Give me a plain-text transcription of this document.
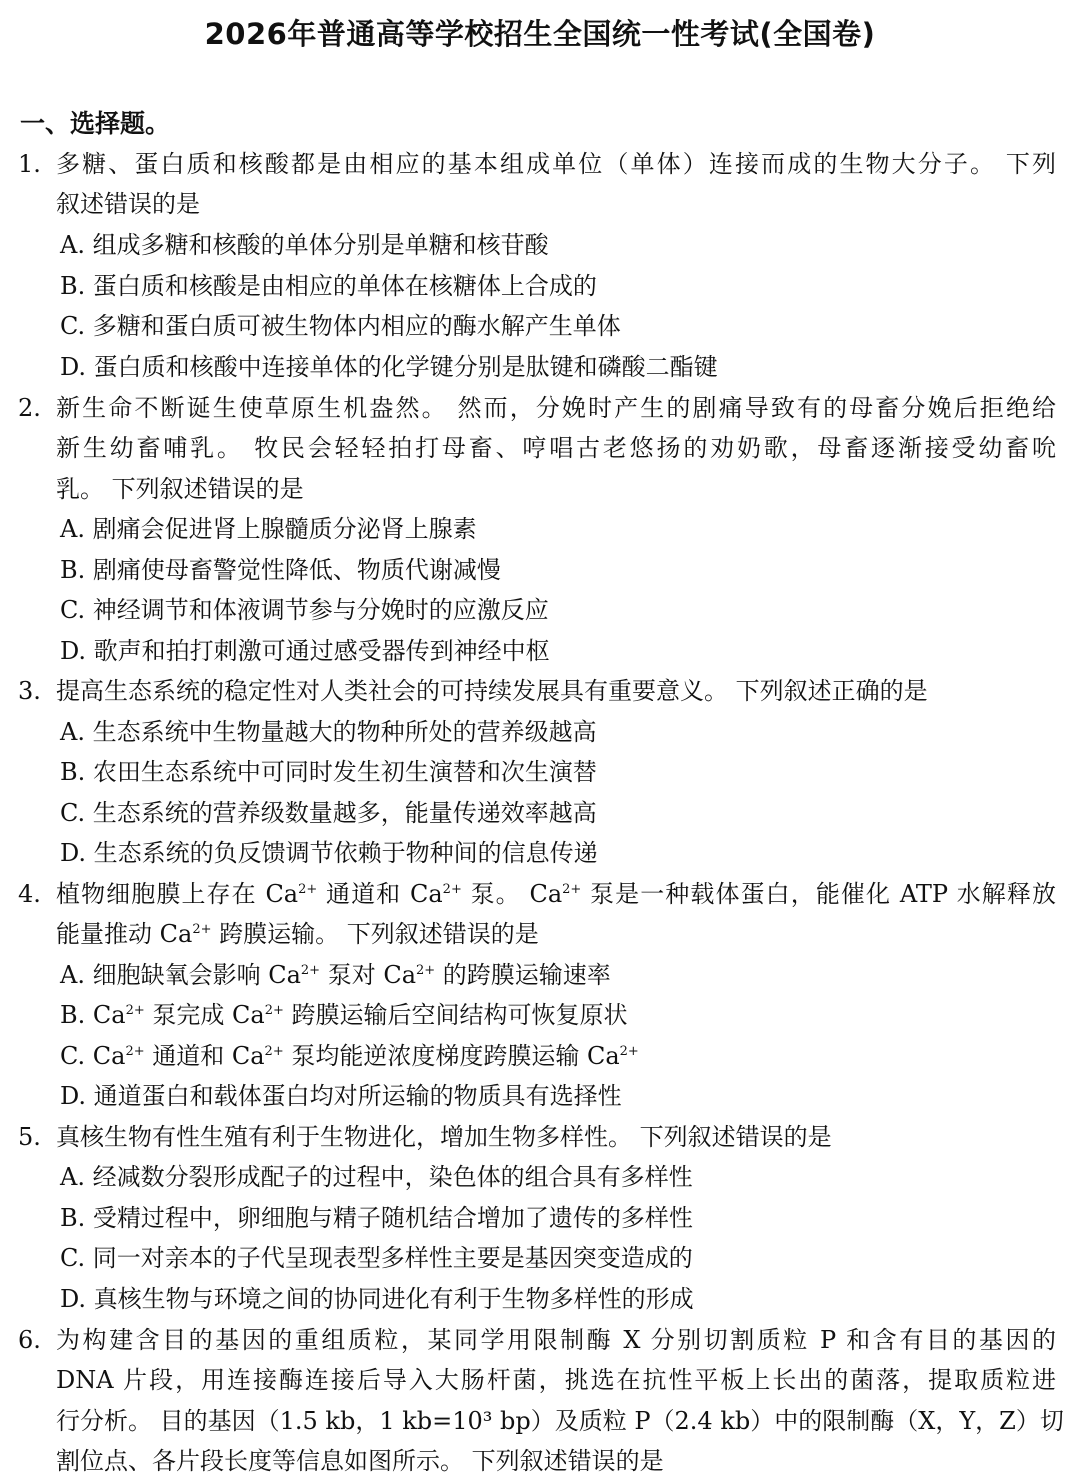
2026年普通高等学校招生全国统一性考试(全国卷)
一、选择题。
1. 多糖、蛋白质和核酸都是由相应的基本组成单位（单体）连接而成的生物大分子。 下列
叙述错误的是
A. 组成多糖和核酸的单体分别是单糖和核苷酸
B. 蛋白质和核酸是由相应的单体在核糖体上合成的
C. 多糖和蛋白质可被生物体内相应的酶水解产生单体
D. 蛋白质和核酸中连接单体的化学键分别是肽键和磷酸二酯键
2. 新生命不断诞生使草原生机盎然。 然而，分娩时产生的剧痛导致有的母畜分娩后拒绝给
新生幼畜哺乳。 牧民会轻轻拍打母畜、哼唱古老悠扬的劝奶歌，母畜逐渐接受幼畜吮
乳。 下列叙述错误的是
A. 剧痛会促进肾上腺髓质分泌肾上腺素
B. 剧痛使母畜警觉性降低、物质代谢减慢
C. 神经调节和体液调节参与分娩时的应激反应
D. 歌声和拍打刺激可通过感受器传到神经中枢
3. 提高生态系统的稳定性对人类社会的可持续发展具有重要意义。 下列叙述正确的是
A. 生态系统中生物量越大的物种所处的营养级越高
B. 农田生态系统中可同时发生初生演替和次生演替
C. 生态系统的营养级数量越多，能量传递效率越高
D. 生态系统的负反馈调节依赖于物种间的信息传递
4. 植物细胞膜上存在 $Ca^{2+}$ 通道和 $Ca^{2+}$ 泵。 $Ca^{2+}$ 泵是一种载体蛋白，能催化 ATP 水解释放
能量推动 $Ca^{2+}$ 跨膜运输。 下列叙述错误的是
A. 细胞缺氧会影响 $Ca^{2+}$ 泵对 $Ca^{2+}$ 的跨膜运输速率
B. $Ca^{2+}$ 泵完成 $Ca^{2+}$ 跨膜运输后空间结构可恢复原状
C. $Ca^{2+}$ 通道和 $Ca^{2+}$ 泵均能逆浓度梯度跨膜运输 $Ca^{2+}$
D. 通道蛋白和载体蛋白均对所运输的物质具有选择性
5. 真核生物有性生殖有利于生物进化，增加生物多样性。 下列叙述错误的是
A. 经减数分裂形成配子的过程中，染色体的组合具有多样性
B. 受精过程中，卵细胞与精子随机结合增加了遗传的多样性
C. 同一对亲本的子代呈现表型多样性主要是基因突变造成的
D. 真核生物与环境之间的协同进化有利于生物多样性的形成
6. 为构建含目的基因的重组质粒，某同学用限制酶 X 分别切割质粒 P 和含有目的基因的
DNA 片段，用连接酶连接后导入大肠杆菌，挑选在抗性平板上长出的菌落，提取质粒进
行分析。 目的基因（1.5 kb，1 kb=10³ bp）及质粒 P（2.4 kb）中的限制酶（X，Y，Z）切
割位点、各片段长度等信息如图所示。 下列叙述错误的是
